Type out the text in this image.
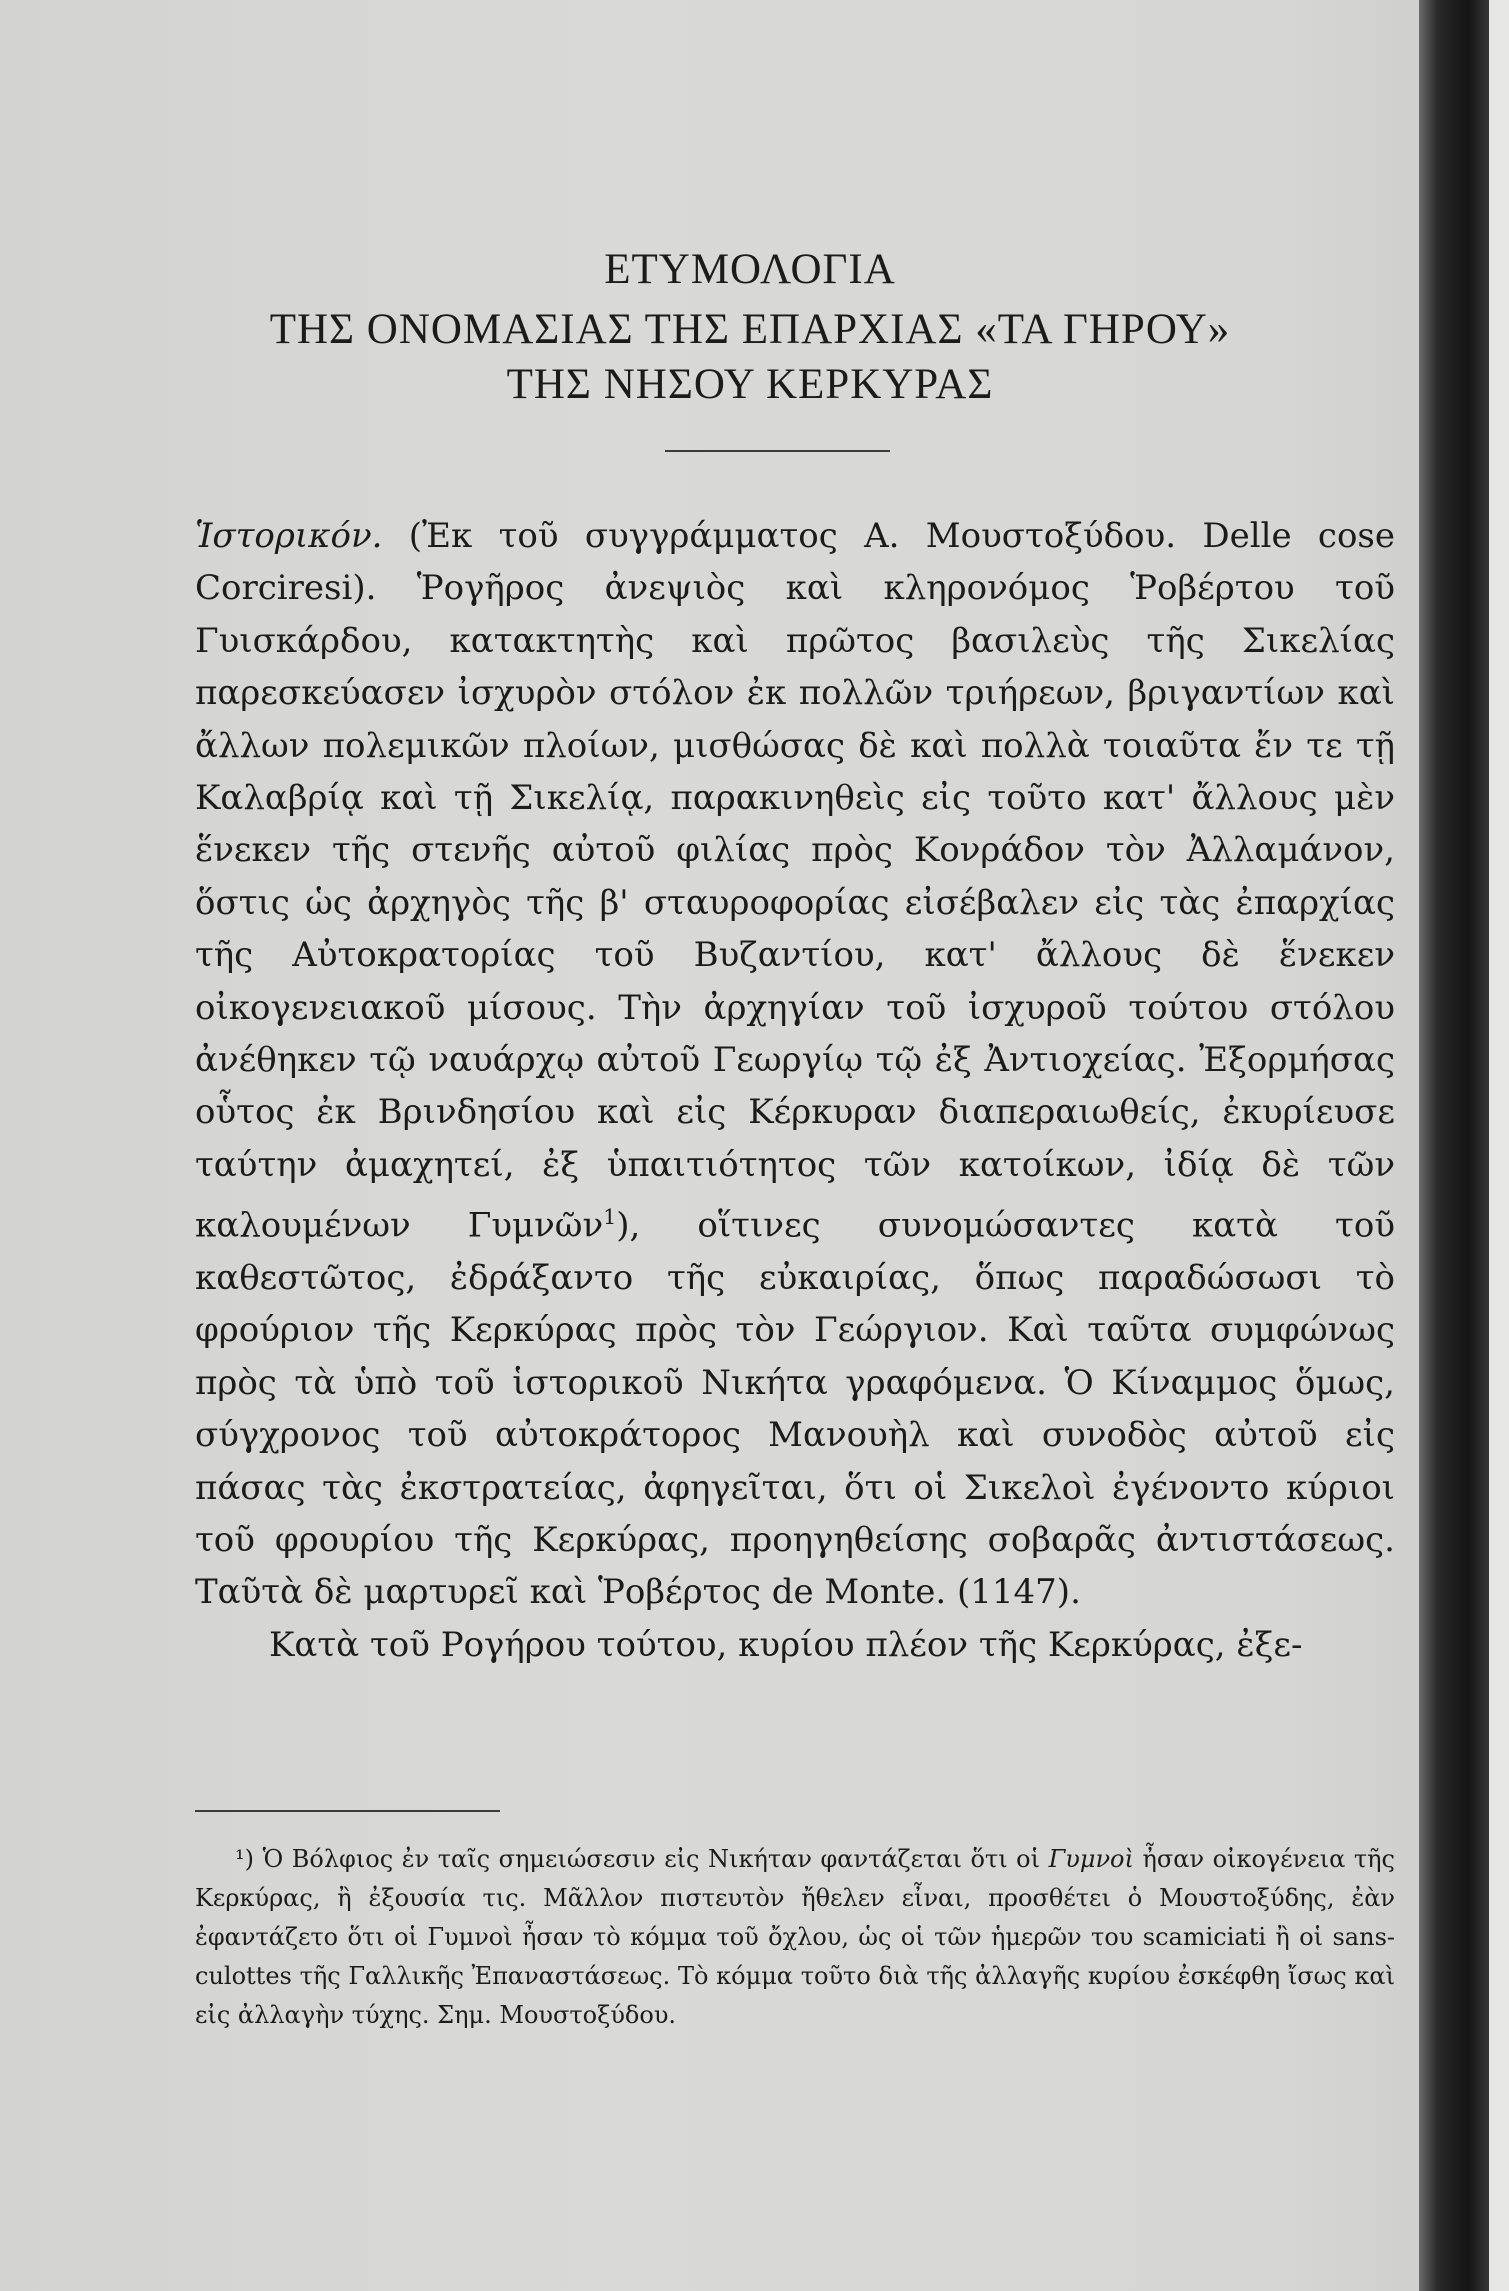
ΕΤΥΜΟΛΟΓΙΑ
ΤΗΣ ΟΝΟΜΑΣΙΑΣ ΤΗΣ ΕΠΑΡΧΙΑΣ «ΤΑ ΓΗΡΟΥ»
ΤΗΣ ΝΗΣΟΥ ΚΕΡΚΥΡΑΣ

Ἱστορικόν. (Ἐκ τοῦ συγγράμματος Α. Μουστοξύδου. Delle cose Corciresi). Ῥογῆρος ἀνεψιὸς καὶ κληρονόμος Ῥοβέρτου τοῦ Γυισκάρδου, κατακτητὴς καὶ πρῶτος βασιλεὺς τῆς Σικελίας παρεσκεύασεν ἰσχυρὸν στόλον ἐκ πολλῶν τριήρεων, βριγαντίων καὶ ἄλλων πολεμικῶν πλοίων, μισθώσας δὲ καὶ πολλὰ τοιαῦτα ἔν τε τῇ Καλαβρίᾳ καὶ τῇ Σικελίᾳ, παρακινηθεὶς εἰς τοῦτο κατ' ἄλλους μὲν ἕνεκεν τῆς στενῆς αὐτοῦ φιλίας πρὸς Κονράδον τὸν Ἀλλαμάνον, ὅστις ὡς ἀρχηγὸς τῆς β' σταυροφορίας εἰσέβαλεν εἰς τὰς ἐπαρχίας τῆς Αὐτοκρατορίας τοῦ Βυζαντίου, κατ' ἄλλους δὲ ἕνεκεν οἰκογενειακοῦ μίσους. Τὴν ἀρχηγίαν τοῦ ἰσχυροῦ τούτου στόλου ἀνέθηκεν τῷ ναυάρχῳ αὐτοῦ Γεωργίῳ τῷ ἐξ Ἀντιοχείας. Ἐξορμήσας οὗτος ἐκ Βρινδησίου καὶ εἰς Κέρκυραν διαπεραιωθείς, ἐκυρίευσε ταύτην ἀμαχητεί, ἐξ ὑπαιτιότητος τῶν κατοίκων, ἰδίᾳ δὲ τῶν καλουμένων Γυμνῶν$^1$), οἵτινες συνομώσαντες κατὰ τοῦ καθεστῶτος, ἐδράξαντο τῆς εὐκαιρίας, ὅπως παραδώσωσι τὸ φρούριον τῆς Κερκύρας πρὸς τὸν Γεώργιον. Καὶ ταῦτα συμφώνως πρὸς τὰ ὑπὸ τοῦ ἱστορικοῦ Νικήτα γραφόμενα. Ὁ Κίναμμος ὅμως, σύγχρονος τοῦ αὐτοκράτορος Μανουὴλ καὶ συνοδὸς αὐτοῦ εἰς πάσας τὰς ἐκστρατείας, ἀφηγεῖται, ὅτι οἱ Σικελοὶ ἐγένοντο κύριοι τοῦ φρουρίου τῆς Κερκύρας, προηγηθείσης σοβαρᾶς ἀντιστάσεως. Ταῦτὰ δὲ μαρτυρεῖ καὶ Ῥοβέρτος de Monte. (1147).

Κατὰ τοῦ Ρογήρου τούτου, κυρίου πλέον τῆς Κερκύρας, ἐξε-

¹) Ὁ Βόλφιος ἐν ταῖς σημειώσεσιν εἰς Νικήταν φαντάζεται ὅτι οἱ Γυμνοὶ ἦσαν οἰκογένεια τῆς Κερκύρας, ἢ ἐξουσία τις. Μᾶλλον πιστευτὸν ἤθελεν εἶναι, προσθέτει ὁ Μουστοξύδης, ἐὰν ἐφαντάζετο ὅτι οἱ Γυμνοὶ ἦσαν τὸ κόμμα τοῦ ὄχλου, ὡς οἱ τῶν ἡμερῶν του scamiciati ἢ οἱ sans-culottes τῆς Γαλλικῆς Ἐπαναστάσεως. Τὸ κόμμα τοῦτο διὰ τῆς ἀλλαγῆς κυρίου ἐσκέφθη ἴσως καὶ εἰς ἀλλαγὴν τύχης. Σημ. Μουστοξύδου.
